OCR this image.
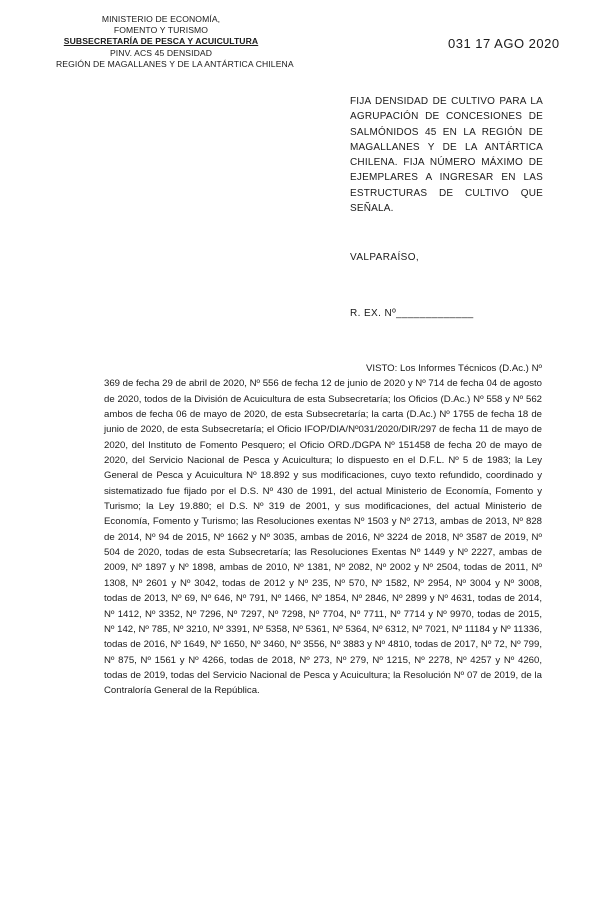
MINISTERIO DE ECONOMÍA,
FOMENTO Y TURISMO
SUBSECRETARÍA DE PESCA Y ACUICULTURA
PINV. ACS 45 DENSIDAD
REGIÓN DE MAGALLANES Y DE LA ANTÁRTICA CHILENA
031 17 AGO 2020
FIJA DENSIDAD DE CULTIVO PARA LA AGRUPACIÓN DE CONCESIONES DE SALMÓNIDOS 45 EN LA REGIÓN DE MAGALLANES Y DE LA ANTÁRTICA CHILENA. FIJA NÚMERO MÁXIMO DE EJEMPLARES A INGRESAR EN LAS ESTRUCTURAS DE CULTIVO QUE SEÑALA.
VALPARAÍSO,
R. EX. Nº_____________
VISTO: Los Informes Técnicos (D.Ac.) Nº 369 de fecha 29 de abril de 2020, Nº 556 de fecha 12 de junio de 2020 y Nº 714 de fecha 04 de agosto de 2020, todos de la División de Acuicultura de esta Subsecretaría; los Oficios (D.Ac.) Nº 558 y Nº 562 ambos de fecha 06 de mayo de 2020, de esta Subsecretaría; la carta (D.Ac.) Nº 1755 de fecha 18 de junio de 2020, de esta Subsecretaría; el Oficio IFOP/DIA/Nº031/2020/DIR/297 de fecha 11 de mayo de 2020, del Instituto de Fomento Pesquero; el Oficio ORD./DGPA Nº 151458 de fecha 20 de mayo de 2020, del Servicio Nacional de Pesca y Acuicultura; lo dispuesto en el D.F.L. Nº 5 de 1983; la Ley General de Pesca y Acuicultura Nº 18.892 y sus modificaciones, cuyo texto refundido, coordinado y sistematizado fue fijado por el D.S. Nº 430 de 1991, del actual Ministerio de Economía, Fomento y Turismo; la Ley 19.880; el D.S. Nº 319 de 2001, y sus modificaciones, del actual Ministerio de Economía, Fomento y Turismo; las Resoluciones exentas Nº 1503 y Nº 2713, ambas de 2013, Nº 828 de 2014, Nº 94 de 2015, Nº 1662 y Nº 3035, ambas de 2016, Nº 3224 de 2018, Nº 3587 de 2019, Nº 504 de 2020, todas de esta Subsecretaría; las Resoluciones Exentas Nº 1449 y Nº 2227, ambas de 2009, Nº 1897 y Nº 1898, ambas de 2010, Nº 1381, Nº 2082, Nº 2002 y Nº 2504, todas de 2011, Nº 1308, Nº 2601 y Nº 3042, todas de 2012 y Nº 235, Nº 570, Nº 1582, Nº 2954, Nº 3004 y Nº 3008, todas de 2013, Nº 69, Nº 646, Nº 791, Nº 1466, Nº 1854, Nº 2846, Nº 2899 y Nº 4631, todas de 2014, Nº 1412, Nº 3352, Nº 7296, Nº 7297, Nº 7298, Nº 7704, Nº 7711, Nº 7714 y Nº 9970, todas de 2015, Nº 142, Nº 785, Nº 3210, Nº 3391, Nº 5358, Nº 5361, Nº 5364, Nº 6312, Nº 7021, Nº 11184 y Nº 11336, todas de 2016, Nº 1649, Nº 1650, Nº 3460, Nº 3556, Nº 3883 y Nº 4810, todas de 2017, Nº 72, Nº 799, Nº 875, Nº 1561 y Nº 4266, todas de 2018, Nº 273, Nº 279, Nº 1215, Nº 2278, Nº 4257 y Nº 4260, todas de 2019, todas del Servicio Nacional de Pesca y Acuicultura; la Resolución Nº 07 de 2019, de la Contraloría General de la República.
